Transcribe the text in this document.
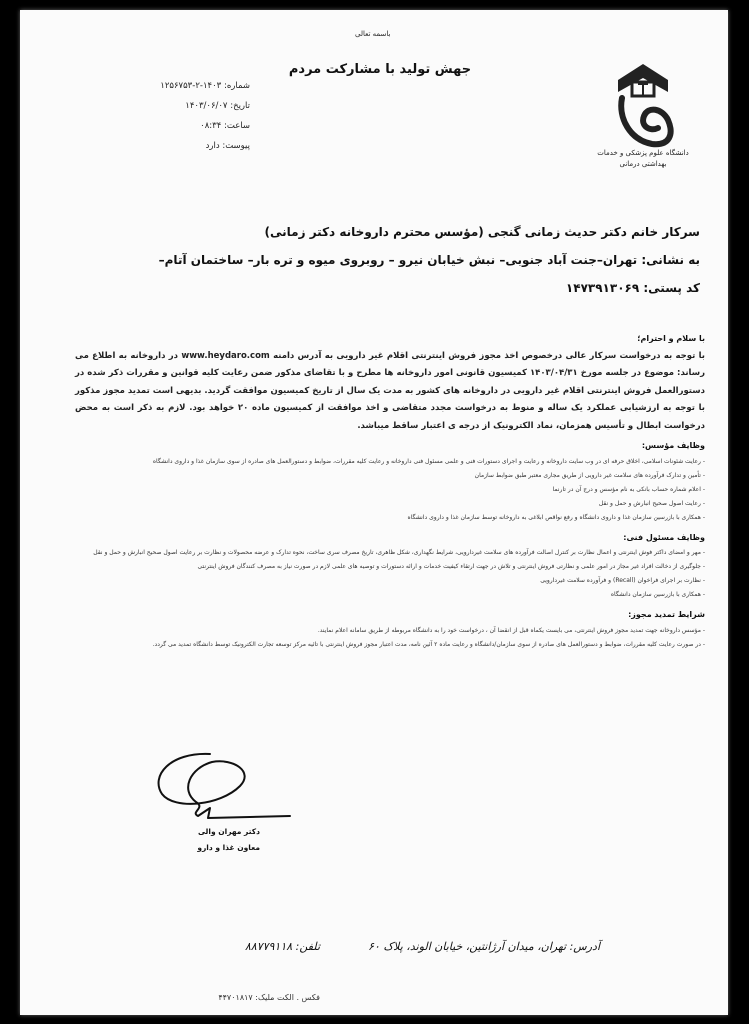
دانشگاه علوم پزشکی و خدمات بهداشتی درمانی
باسمه تعالی
جهش تولید با مشارکت مردم
شماره: ۱۴۰۳-۲-۱۲۵۶۷۵۳
تاریخ: ۱۴۰۳/۰۶/۰۷
ساعت: ۰۸:۳۴
پیوست: دارد
سرکار خانم دکتر حدیث زمانی گنجی (مؤسس محترم داروخانه دکتر زمانی)
به نشانی: تهران–جنت آباد جنوبی– نبش خیابان نیرو – روبروی میوه و تره بار– ساختمان آتام–
کد پستی: ۱۴۷۳۹۱۳۰۶۹
با سلام و احترام؛
با توجه به درخواست سرکار عالی درخصوص اخذ مجوز فروش اینترنتی اقلام غیر دارویی به آدرس دامنه www.heydaro.com در داروخانه به اطلاع می رساند: موضوع در جلسه مورخ ۱۴۰۳/۰۴/۳۱ کمیسیون قانونی امور داروخانه ها مطرح و با تقاضای مذکور ضمن رعایت کلیه قوانین و مقررات ذکر شده در دستورالعمل فروش اینترنتی اقلام غیر دارویی در داروخانه های کشور به مدت یک سال از تاریخ کمیسیون موافقت گردید. بدیهی است تمدید مجوز مذکور با توجه به ارزشیابی عملکرد یک ساله و منوط به درخواست مجدد متقاضی و اخذ موافقت از کمیسیون ماده ۲۰ خواهد بود. لازم به ذکر است به محض درخواست ابطال و تأسیس همزمان، نماد الکترونیک از درجه ی اعتبار ساقط میباشد.
وظایف مؤسس:
- رعایت شئونات اسلامی، اخلاق حرفه ای در وب سایت داروخانه و رعایت و اجرای دستورات فنی و علمی مسئول فنی داروخانه و رعایت کلیه مقررات، ضوابط و دستورالعمل های صادره از سوی سازمان غذا و داروی دانشگاه
- تأمین و تدارک فرآورده های سلامت غیر دارویی از طریق مجاری معتبر طبق ضوابط سازمان
- اعلام شماره حساب بانکی به نام مؤسس و درج آن در تارنما
- رعایت اصول صحیح انبارش و حمل و نقل
- همکاری با بازرسین سازمان غذا و داروی دانشگاه و رفع نواقص ابلاغی به داروخانه توسط سازمان غذا و داروی دانشگاه
وظایف مسئول فنی:
- مهر و امضای داکتر فوش اینترنتی و اعمال نظارت بر کنترل اصالت فرآورده های سلامت غیردارویی، شرایط نگهداری، شکل ظاهری، تاریخ مصرف سری ساخت، نحوه تدارک و عرضه محصولات و نظارت بر رعایت اصول صحیح انبارش و حمل و نقل
- جلوگیری از دخالت افراد غیر مجاز در امور علمی و نظارتی فروش اینترنتی و تلاش در جهت ارتقاء کیفیت خدمات و ارائه دستورات و توصیه های علمی لازم در صورت نیاز به مصرف کنندگان فروش اینترنتی
- نظارت بر اجرای فراخوان (Recall) و فرآورده سلامت غیردارویی
- همکاری با بازرسین سازمان دانشگاه
شرایط تمدید مجوز:
- مؤسس داروخانه جهت تمدید مجوز فروش اینترنتی، می بایست یکماه قبل از انقضا آن ، درخواست خود را به دانشگاه مربوطه از طریق سامانه اعلام نمایند.
- در صورت رعایت کلیه مقررات، ضوابط و دستورالعمل های صادره از سوی سازمان/دانشگاه و رعایت ماده ۲ آئین نامه، مدت اعتبار مجوز فروش اینترنتی با تائیه مرکز توسعه تجارت الکترونیک توسط دانشگاه تمدید می گردد.
دکتر مهران والی
معاون غذا و دارو
آدرس: تهران، میدان آرژانتین، خیابان الوند، پلاک ۶۰
تلفن: ۸۸۷۷۹۱۱۸
فکس . الکت ملیک: ۴۴۷۰۱۸۱۷
